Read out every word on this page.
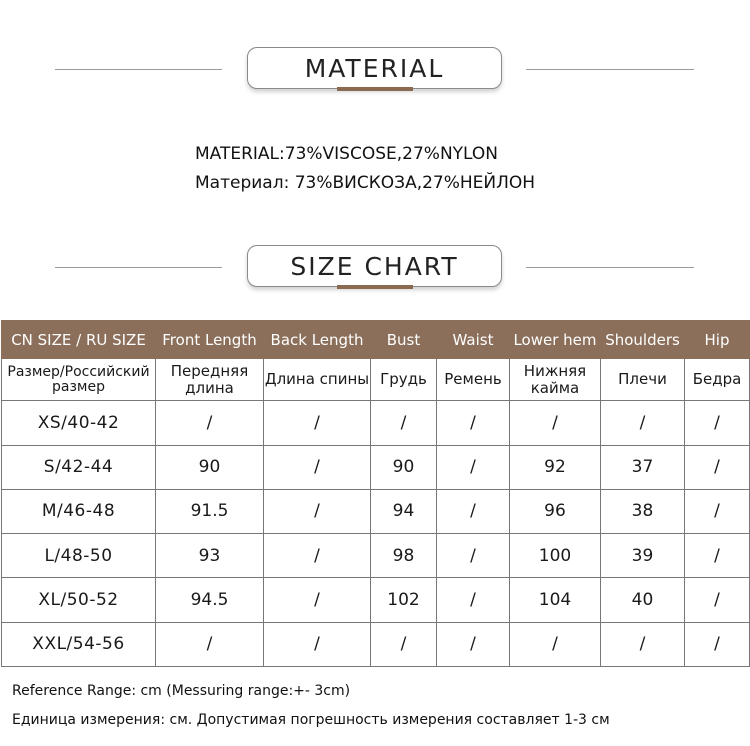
MATERIAL
MATERIAL:73%VISCOSE,27%NYLON
Материал: 73%ВИСКОЗА,27%НЕЙЛОН
SIZE CHART
CN SIZE / RU SIZE	Front Length	Back Length	Bust	Waist	Lower hem	Shoulders	Hip
Размер/Российский размер	Передняя длина	Длина спины	Грудь	Ремень	Нижняя кайма	Плечи	Бедра
XS/40-42	/	/	/	/	/	/	/
S/42-44	90	/	90	/	92	37	/
M/46-48	91.5	/	94	/	96	38	/
L/48-50	93	/	98	/	100	39	/
XL/50-52	94.5	/	102	/	104	40	/
XXL/54-56	/	/	/	/	/	/	/
Reference Range: cm (Messuring range:+- 3cm)
Единица измерения: см. Допустимая погрешность измерения составляет 1-3 см
